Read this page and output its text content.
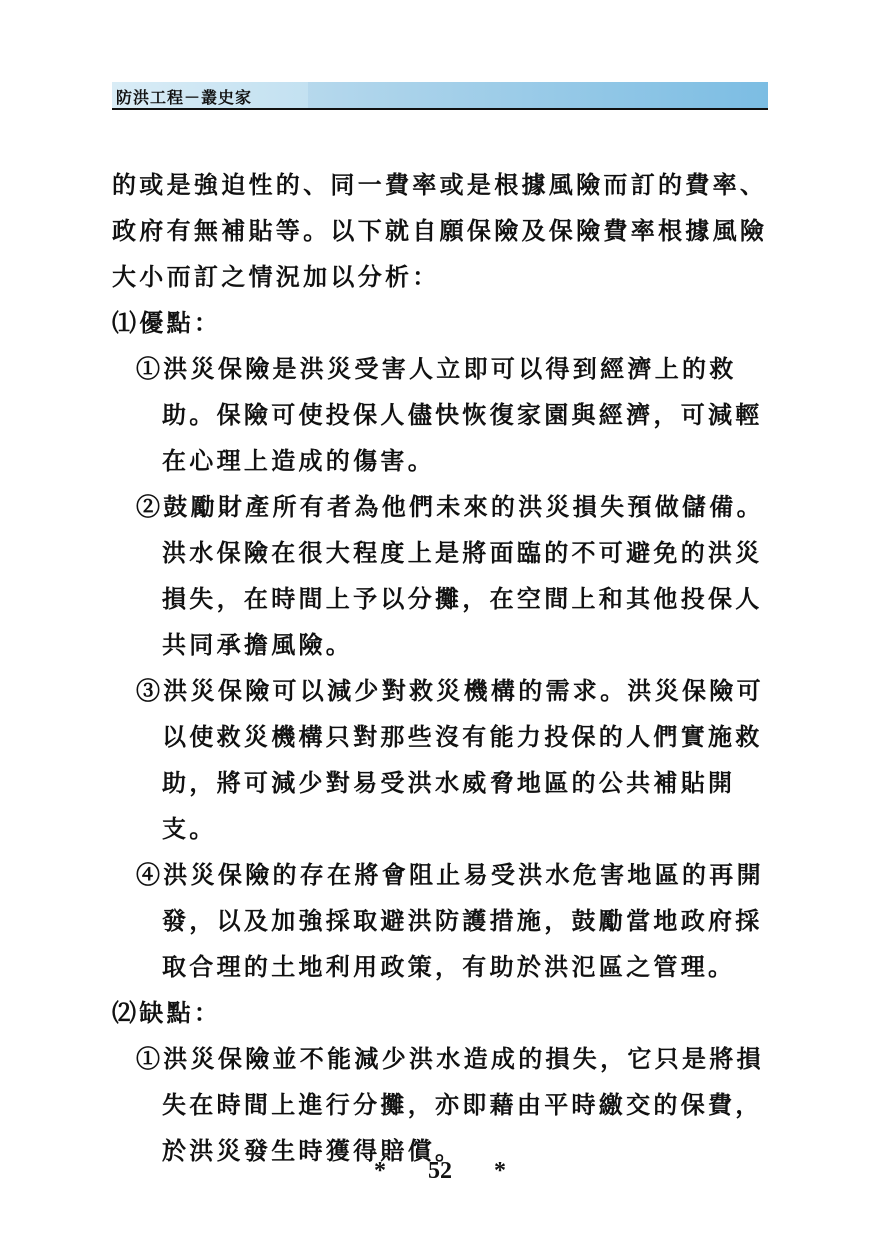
防洪工程－叢史家

的或是強迫性的、同一費率或是根據風險而訂的費率、政府有無補貼等。以下就自願保險及保險費率根據風險大小而訂之情況加以分析：

⑴優點：

①洪災保險是洪災受害人立即可以得到經濟上的救助。保險可使投保人儘快恢復家園與經濟，可減輕在心理上造成的傷害。

②鼓勵財產所有者為他們未來的洪災損失預做儲備。洪水保險在很大程度上是將面臨的不可避免的洪災損失，在時間上予以分攤，在空間上和其他投保人共同承擔風險。

③洪災保險可以減少對救災機構的需求。洪災保險可以使救災機構只對那些沒有能力投保的人們實施救助，將可減少對易受洪水威脅地區的公共補貼開支。

④洪災保險的存在將會阻止易受洪水危害地區的再開發，以及加強採取避洪防護措施，鼓勵當地政府採取合理的土地利用政策，有助於洪氾區之管理。

⑵缺點：

①洪災保險並不能減少洪水造成的損失，它只是將損失在時間上進行分攤，亦即藉由平時繳交的保費，於洪災發生時獲得賠償。

* 52 *
